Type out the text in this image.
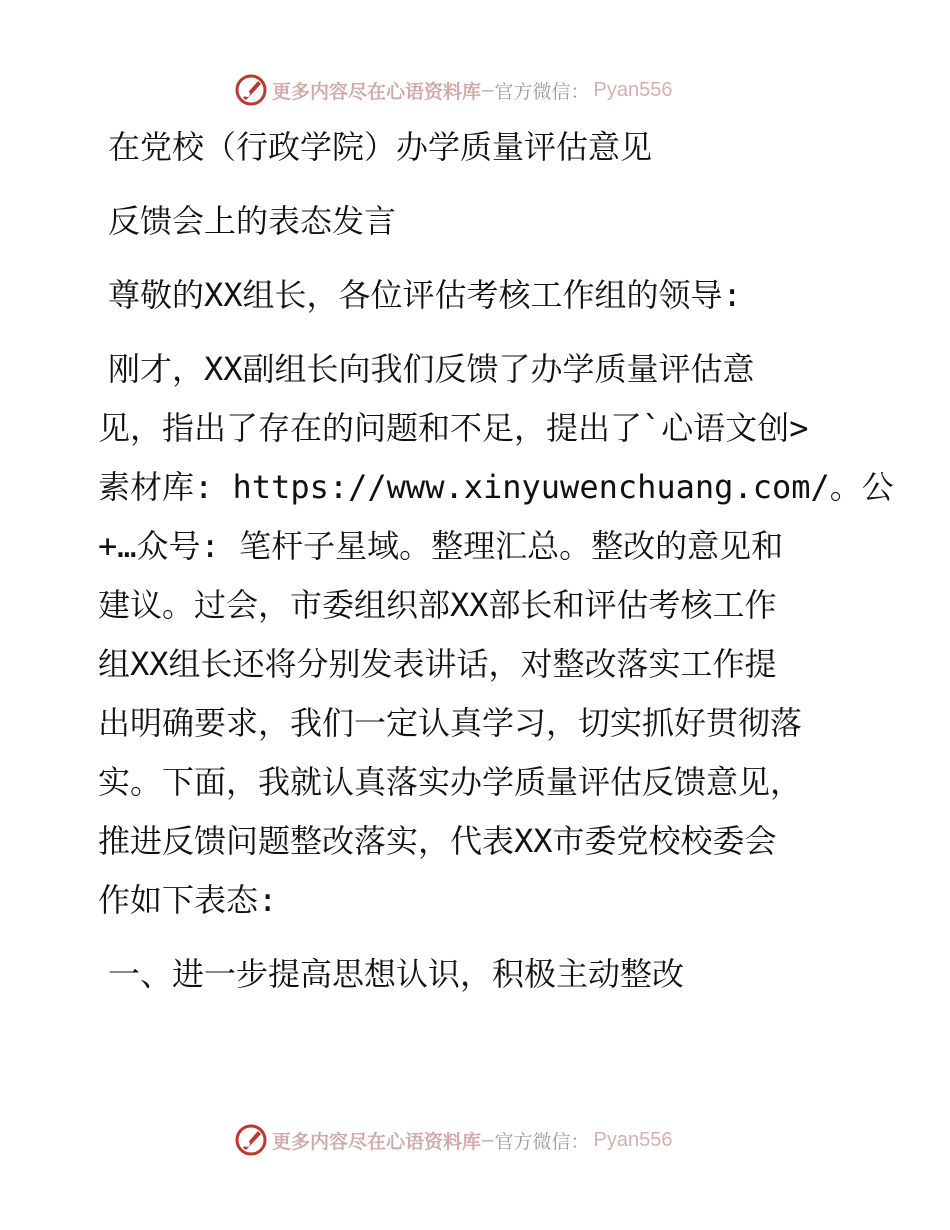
更多内容尽在心语资料库 — 官方微信： Pyan556
在党校（行政学院）办学质量评估意见
反馈会上的表态发言
尊敬的XX组长，各位评估考核工作组的领导:
刚才，XX副组长向我们反馈了办学质量评估意
见，指出了存在的问题和不足，提出了`心语文创>
素材库: https://www.xinyuwenchuang.com/。公
+…众号: 笔杆子星域。整理汇总。整改的意见和
建议。过会，市委组织部XX部长和评估考核工作
组XX组长还将分别发表讲话，对整改落实工作提
出明确要求，我们一定认真学习，切实抓好贯彻落
实。下面，我就认真落实办学质量评估反馈意见，
推进反馈问题整改落实，代表XX市委党校校委会
作如下表态:
一、进一步提高思想认识，积极主动整改
更多内容尽在心语资料库 — 官方微信： Pyan556
